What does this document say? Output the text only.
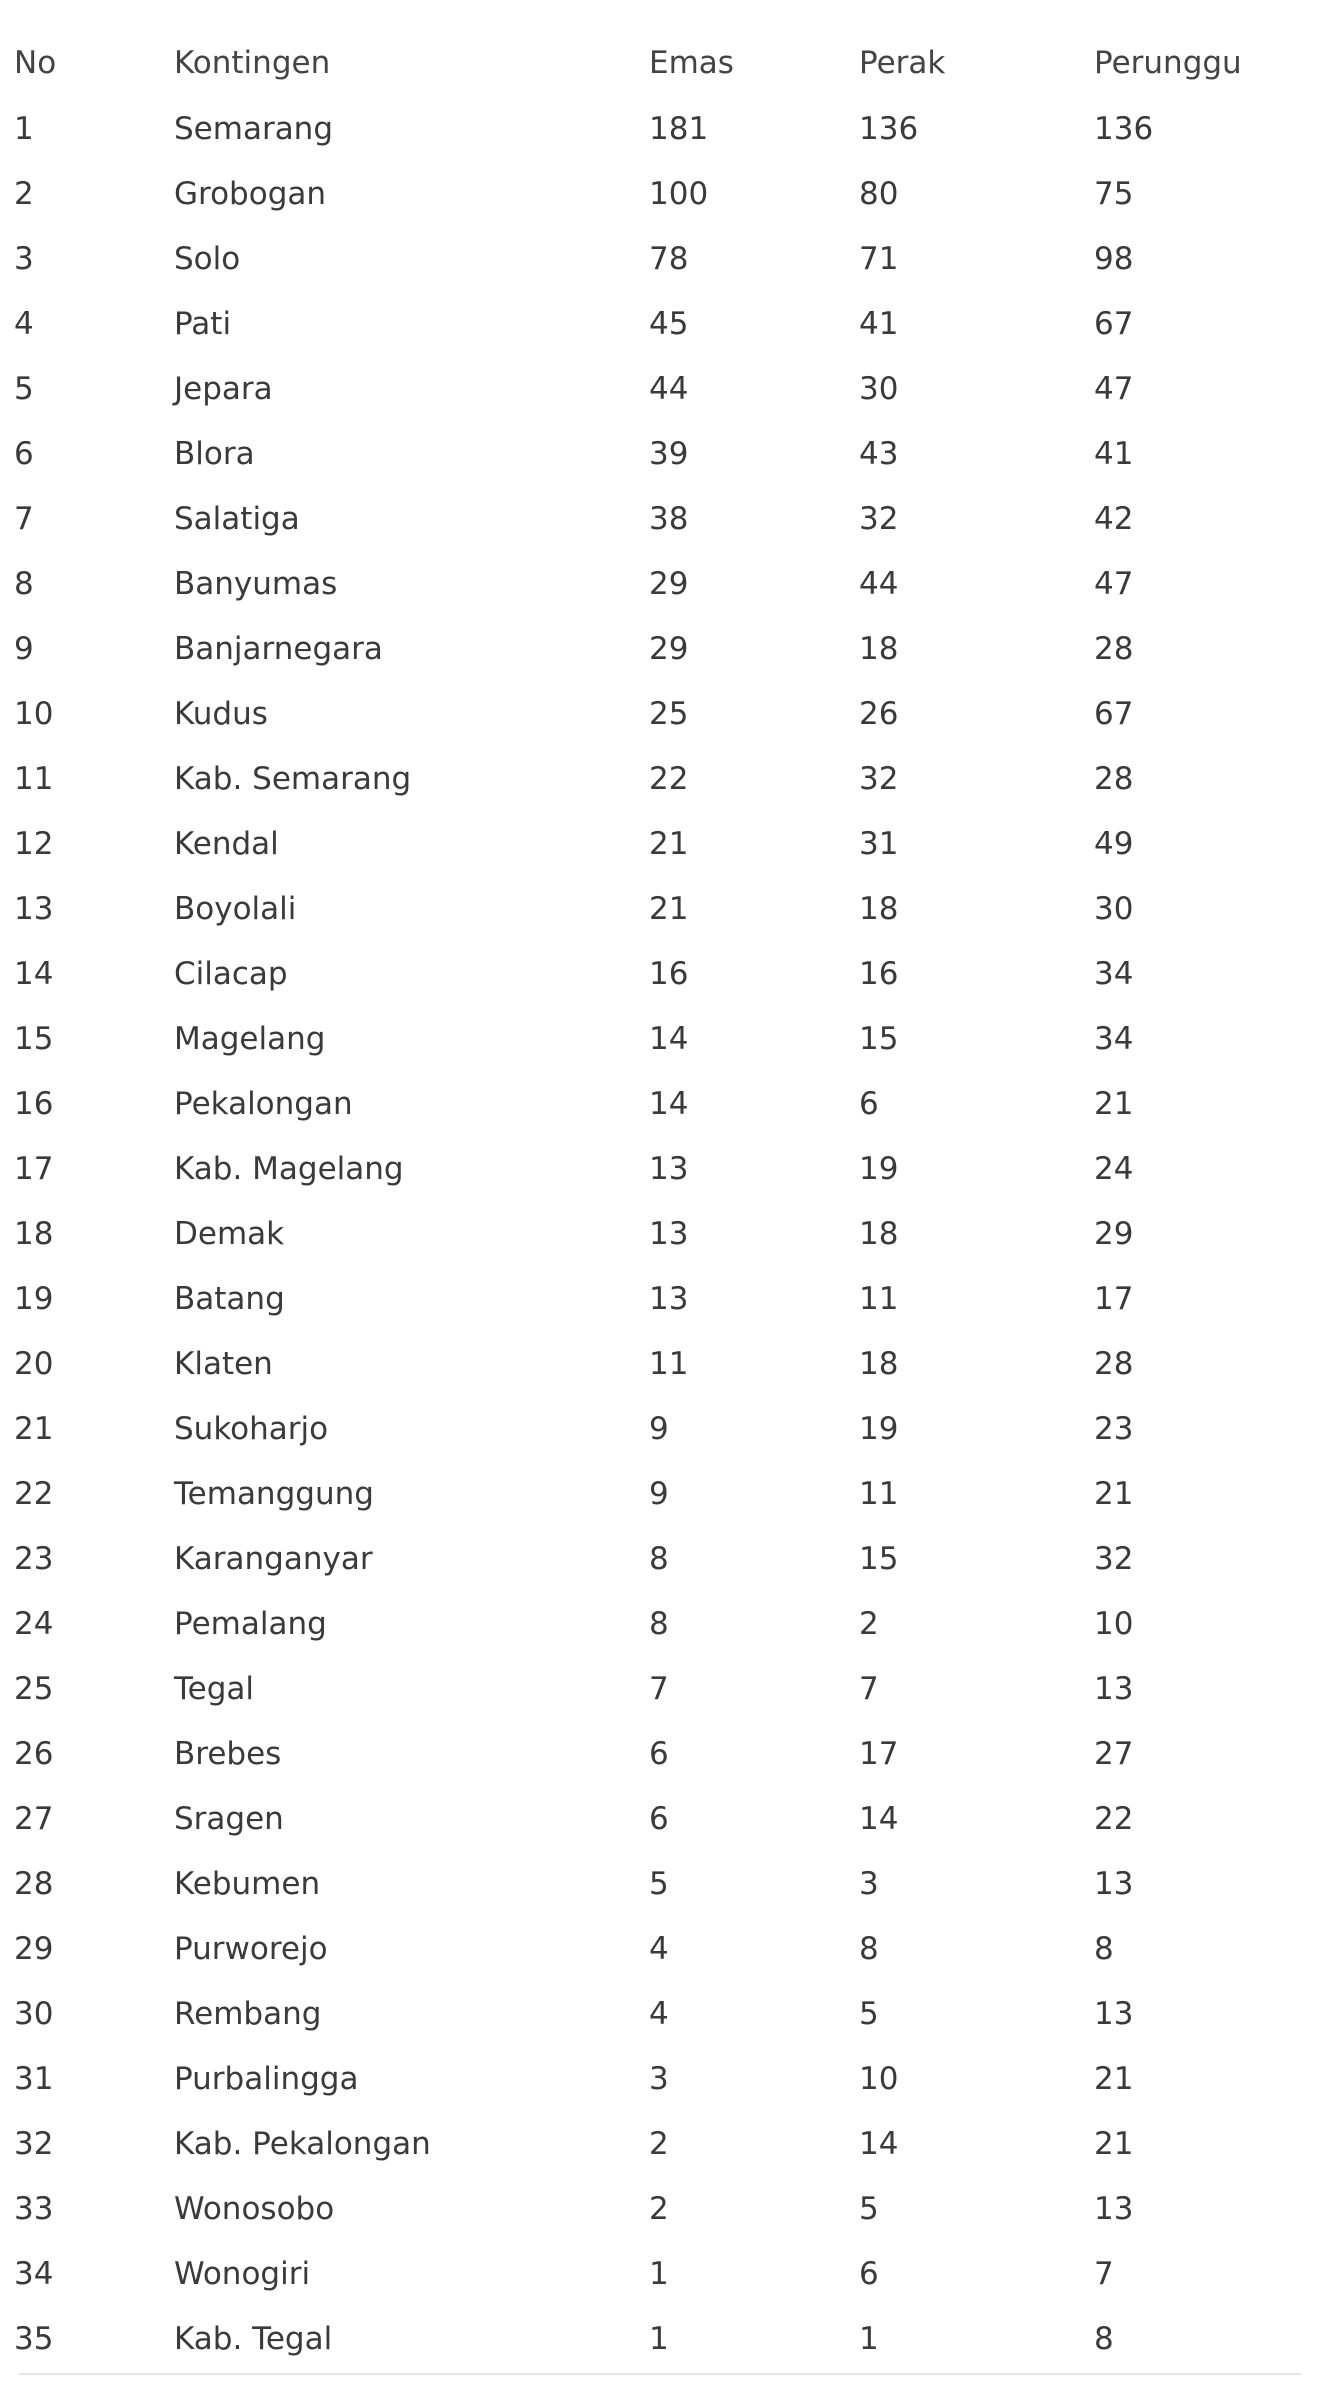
No	Kontingen	Emas	Perak	Perunggu
1	Semarang	181	136	136
2	Grobogan	100	80	75
3	Solo	78	71	98
4	Pati	45	41	67
5	Jepara	44	30	47
6	Blora	39	43	41
7	Salatiga	38	32	42
8	Banyumas	29	44	47
9	Banjarnegara	29	18	28
10	Kudus	25	26	67
11	Kab. Semarang	22	32	28
12	Kendal	21	31	49
13	Boyolali	21	18	30
14	Cilacap	16	16	34
15	Magelang	14	15	34
16	Pekalongan	14	6	21
17	Kab. Magelang	13	19	24
18	Demak	13	18	29
19	Batang	13	11	17
20	Klaten	11	18	28
21	Sukoharjo	9	19	23
22	Temanggung	9	11	21
23	Karanganyar	8	15	32
24	Pemalang	8	2	10
25	Tegal	7	7	13
26	Brebes	6	17	27
27	Sragen	6	14	22
28	Kebumen	5	3	13
29	Purworejo	4	8	8
30	Rembang	4	5	13
31	Purbalingga	3	10	21
32	Kab. Pekalongan	2	14	21
33	Wonosobo	2	5	13
34	Wonogiri	1	6	7
35	Kab. Tegal	1	1	8
